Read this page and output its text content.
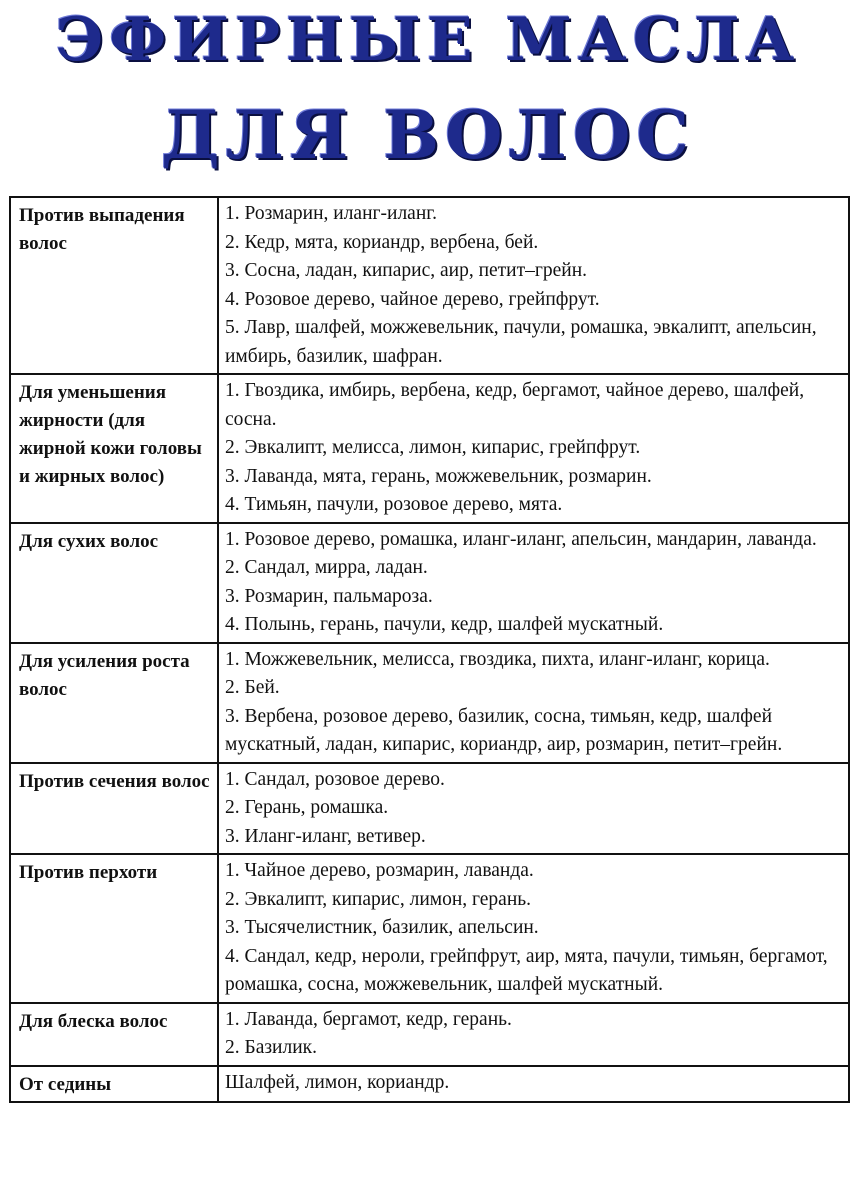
ЭФИРНЫЕ МАСЛА
ДЛЯ ВОЛОС
Против выпадения волос	1. Розмарин, иланг-иланг.
2. Кедр, мята, кориандр, вербена, бей.
3. Сосна, ладан, кипарис, аир, петит–грейн.
4. Розовое дерево, чайное дерево, грейпфрут.
5. Лавр, шалфей, можжевельник, пачули, ромашка, эвкалипт, апельсин, имбирь, базилик, шафран.

Для уменьшения жирности (для жирной кожи головы и жирных волос)	1. Гвоздика, имбирь, вербена, кедр, бергамот, чайное дерево, шалфей, сосна.
2. Эвкалипт, мелисса, лимон, кипарис, грейпфрут.
3. Лаванда, мята, герань, можжевельник, розмарин.
4. Тимьян, пачули, розовое дерево, мята.

Для сухих волос	1. Розовое дерево, ромашка, иланг-иланг, апельсин, мандарин, лаванда.
2. Сандал, мирра, ладан.
3. Розмарин, пальмароза.
4. Полынь, герань, пачули, кедр, шалфей мускатный.

Для усиления роста волос	1. Можжевельник, мелисса, гвоздика, пихта, иланг-иланг, корица.
2. Бей.
3. Вербена, розовое дерево, базилик, сосна, тимьян, кедр, шалфей мускатный, ладан, кипарис, кориандр, аир, розмарин, петит–грейн.

Против сечения волос	1. Сандал, розовое дерево.
2. Герань, ромашка.
3. Иланг-иланг, ветивер.

Против перхоти	1. Чайное дерево, розмарин, лаванда.
2. Эвкалипт, кипарис, лимон, герань.
3. Тысячелистник, базилик, апельсин.
4. Сандал, кедр, нероли, грейпфрут, аир, мята, пачули, тимьян, бергамот, ромашка, сосна, можжевельник, шалфей мускатный.

Для блеска волос	1. Лаванда, бергамот, кедр, герань.
2. Базилик.

От седины	Шалфей, лимон, кориандр.
